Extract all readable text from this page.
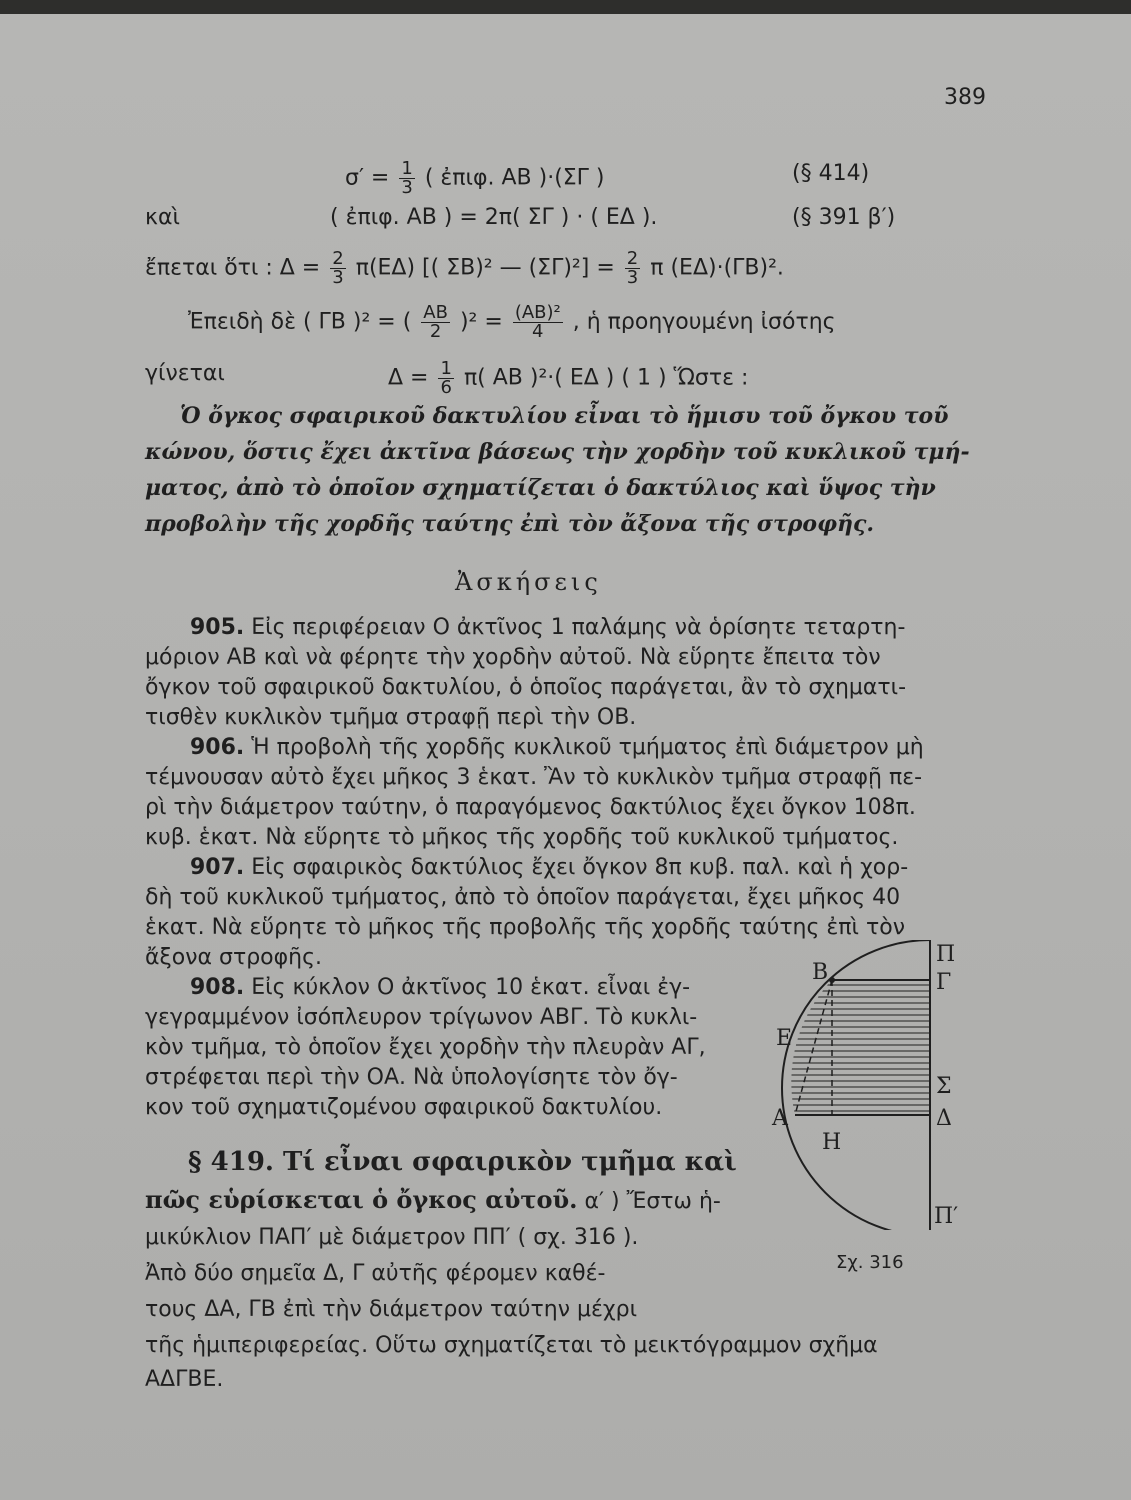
389
$\sigma' = \frac{1}{3}$ ( ἐπιφ. ΑΒ )·(ΣΓ )	(§ 414)
καὶ	( ἐπιφ. ΑΒ ) = 2π( ΣΓ ) · ( ΕΔ ).	(§ 391 β′)
ἔπεται ὅτι : $\Delta = \frac{2}{3} \pi(E\Delta)$ [( ΣΒ)² — $(\Sigma\Gamma)^2] = \frac{2}{3}$ π (ΕΔ)·(ΓΒ)².
Ἐπειδὴ δὲ ( ΓΒ )² = ( $\frac{AB}{2} )^2 = \frac{\text{(ΑΒ)²}}{4}$ , ἡ προηγουμένη ἰσότης
γίνεται	$\Delta = \frac{1}{6} \pi$( ΑΒ )²·( ΕΔ ) ( 1 ) Ὥστε :
Ὁ ὄγκος σφαιρικοῦ δακτυλίου εἶναι τὸ ἥμισυ τοῦ ὄγκου τοῦ
κώνου, ὅστις ἔχει ἀκτῖνα βάσεως τὴν χορδὴν τοῦ κυκλικοῦ τμή-
ματος, ἀπὸ τὸ ὁποῖον σχηματίζεται ὁ δακτύλιος καὶ ὕψος τὴν
προβολὴν τῆς χορδῆς ταύτης ἐπὶ τὸν ἄξονα τῆς στροφῆς.
Ἀσκήσεις
905. Εἰς περιφέρειαν Ο ἀκτῖνος 1 παλάμης νὰ ὁρίσητε τεταρτη-
μόριον ΑΒ καὶ νὰ φέρητε τὴν χορδὴν αὐτοῦ. Νὰ εὕρητε ἔπειτα τὸν
ὄγκον τοῦ σφαιρικοῦ δακτυλίου, ὁ ὁποῖος παράγεται, ἂν τὸ σχηματι-
τισθὲν κυκλικὸν τμῆμα στραφῇ περὶ τὴν ΟΒ.
906. Ἡ προβολὴ τῆς χορδῆς κυκλικοῦ τμήματος ἐπὶ διάμετρον μὴ
τέμνουσαν αὐτὸ ἔχει μῆκος 3 ἑκατ. Ἂν τὸ κυκλικὸν τμῆμα στραφῇ πε-
ρὶ τὴν διάμετρον ταύτην, ὁ παραγόμενος δακτύλιος ἔχει ὄγκον 108π.
κυβ. ἑκατ. Νὰ εὕρητε τὸ μῆκος τῆς χορδῆς τοῦ κυκλικοῦ τμήματος.
907. Εἰς σφαιρικὸς δακτύλιος ἔχει ὄγκον 8π κυβ. παλ. καὶ ἡ χορ-
δὴ τοῦ κυκλικοῦ τμήματος, ἀπὸ τὸ ὁποῖον παράγεται, ἔχει μῆκος 40
ἑκατ. Νὰ εὕρητε τὸ μῆκος τῆς προβολῆς τῆς χορδῆς ταύτης ἐπὶ τὸν
ἄξονα στροφῆς.
908. Εἰς κύκλον Ο ἀκτῖνος 10 ἑκατ. εἶναι ἐγ-
γεγραμμένον ἰσόπλευρον τρίγωνον ΑΒΓ. Τὸ κυκλι-
κὸν τμῆμα, τὸ ὁποῖον ἔχει χορδὴν τὴν πλευρὰν ΑΓ,
στρέφεται περὶ τὴν ΟΑ. Νὰ ὑπολογίσητε τὸν ὄγ-
κον τοῦ σχηματιζομένου σφαιρικοῦ δακτυλίου.
§ 419. Τί εἶναι σφαιρικὸν τμῆμα καὶ
πῶς εὑρίσκεται ὁ ὄγκος αὐτοῦ. α′ ) Ἔστω ἡ-
μικύκλιον ΠΑΠ′ μὲ διάμετρον ΠΠ′ ( σχ. 316 ).
Ἀπὸ δύο σημεῖα Δ, Γ αὐτῆς φέρομεν καθέ-
τους ΔΑ, ΓΒ ἐπὶ τὴν διάμετρον ταύτην μέχρι
τῆς ἡμιπεριφερείας. Οὕτω σχηματίζεται τὸ μεικτόγραμμον σχῆμα
ΑΔΓΒΕ.
Π
Β	Γ
Ε
Σ
Α	Δ
Η
Π′
Σχ. 316
